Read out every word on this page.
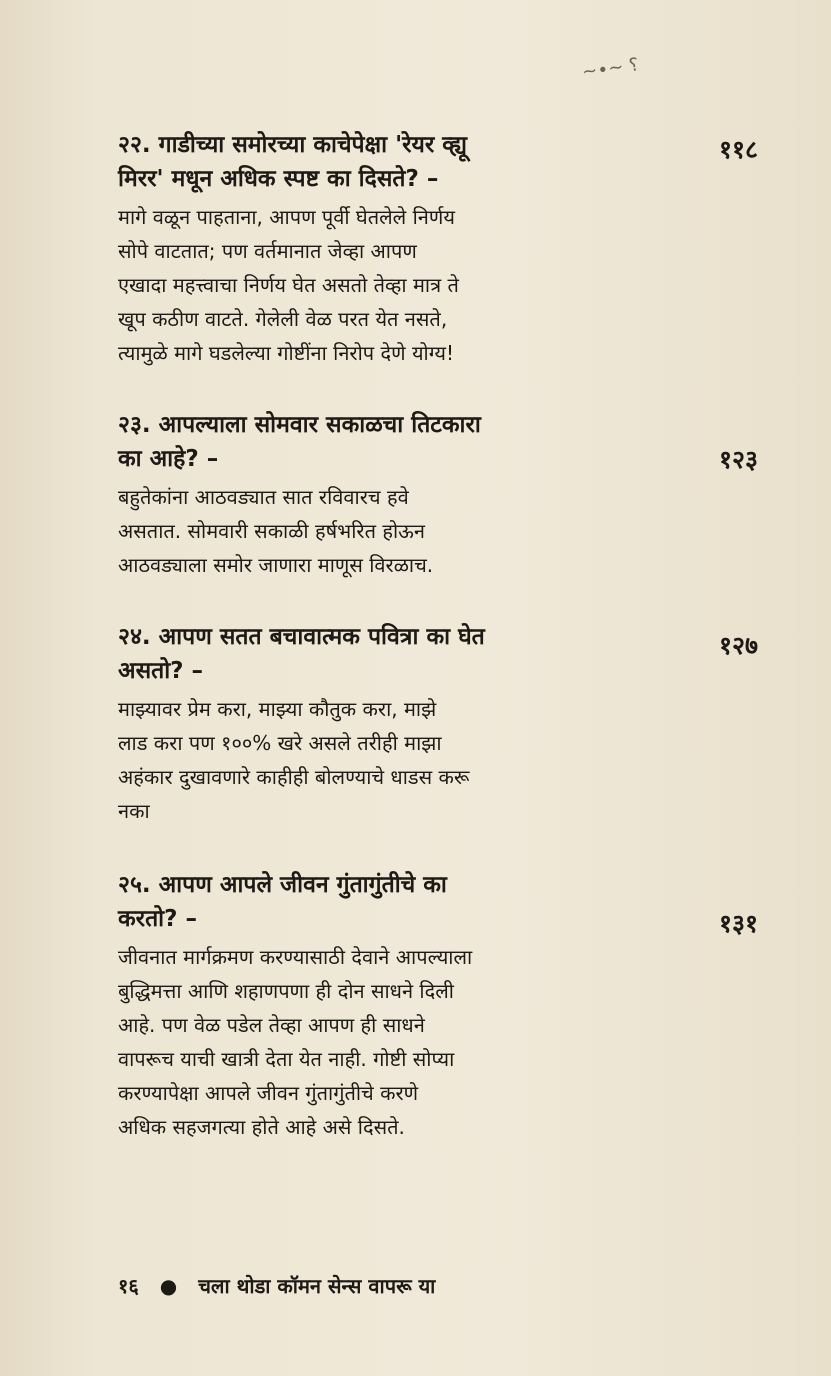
~∙~ ⸮
२२. गाडीच्या समोरच्या काचेपेक्षा 'रेयर व्ह्यू
मिरर' मधून अधिक स्पष्ट का दिसते? –
११८
मागे वळून पाहताना, आपण पूर्वी घेतलेले निर्णय
सोपे वाटतात; पण वर्तमानात जेव्हा आपण
एखादा महत्त्वाचा निर्णय घेत असतो तेव्हा मात्र ते
खूप कठीण वाटते. गेलेली वेळ परत येत नसते,
त्यामुळे मागे घडलेल्या गोष्टींना निरोप देणे योग्य!
२३. आपल्याला सोमवार सकाळचा तिटकारा
का आहे? –	१२३
बहुतेकांना आठवड्यात सात रविवारच हवे
असतात. सोमवारी सकाळी हर्षभरित होऊन
आठवड्याला समोर जाणारा माणूस विरळाच.
२४. आपण सतत बचावात्मक पवित्रा का घेत
असतो? –
१२७
माझ्यावर प्रेम करा, माझ्या कौतुक करा, माझे
लाड करा पण १००% खरे असले तरीही माझा
अहंकार दुखावणारे काहीही बोलण्याचे धाडस करू
नका
२५. आपण आपले जीवन गुंतागुंतीचे का
करतो? –	१३१
जीवनात मार्गक्रमण करण्यासाठी देवाने आपल्याला
बुद्धिमत्ता आणि शहाणपणा ही दोन साधने दिली
आहे. पण वेळ पडेल तेव्हा आपण ही साधने
वापरूच याची खात्री देता येत नाही. गोष्टी सोप्या
करण्यापेक्षा आपले जीवन गुंतागुंतीचे करणे
अधिक सहजगत्या होते आहे असे दिसते.
१६ ● चला थोडा कॉमन सेन्स वापरू या
